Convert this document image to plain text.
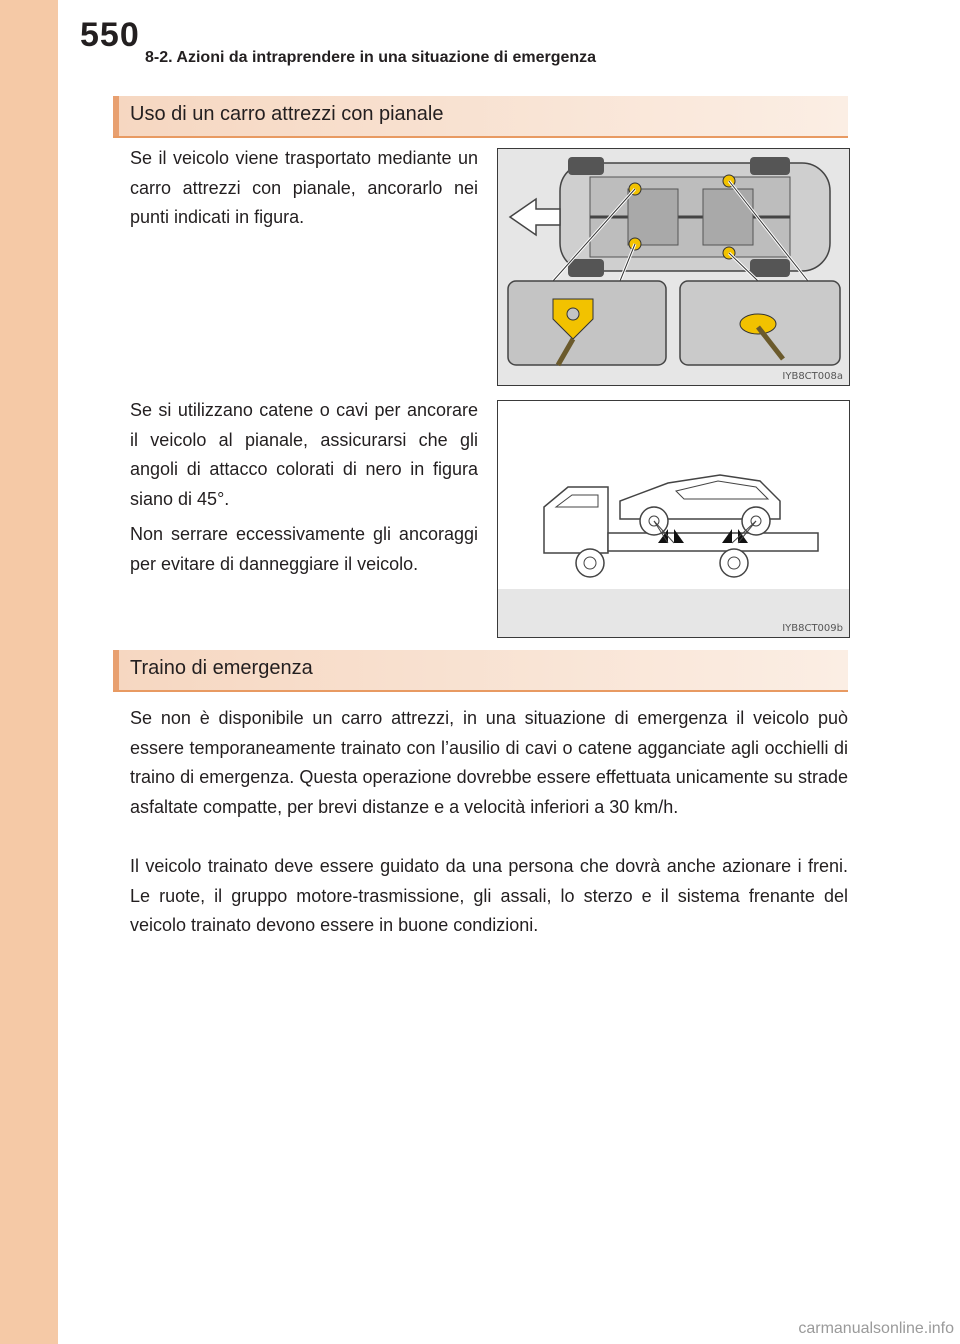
550
8-2. Azioni da intraprendere in una situazione di emergenza
Uso di un carro attrezzi con pianale
Se il veicolo viene trasportato mediante un carro attrezzi con pianale, ancorarlo nei punti indicati in figura.
IYB8CT008a
Se si utilizzano catene o cavi per ancorare il veicolo al pianale, assicurarsi che gli angoli di attacco colorati di nero in figura siano di 45°.
Non serrare eccessivamente gli ancoraggi per evitare di danneggiare il veicolo.
IYB8CT009b
Traino di emergenza
Se non è disponibile un carro attrezzi, in una situazione di emergenza il veicolo può essere temporaneamente trainato con l’ausilio di cavi o catene agganciate agli occhielli di traino di emergenza. Questa operazione dovrebbe essere effettuata unicamente su strade asfaltate compatte, per brevi distanze e a velocità inferiori a 30 km/h.
Il veicolo trainato deve essere guidato da una persona che dovrà anche azionare i freni. Le ruote, il gruppo motore-trasmissione, gli assali, lo sterzo e il sistema frenante del veicolo trainato devono essere in buone condizioni.
carmanualsonline.info
